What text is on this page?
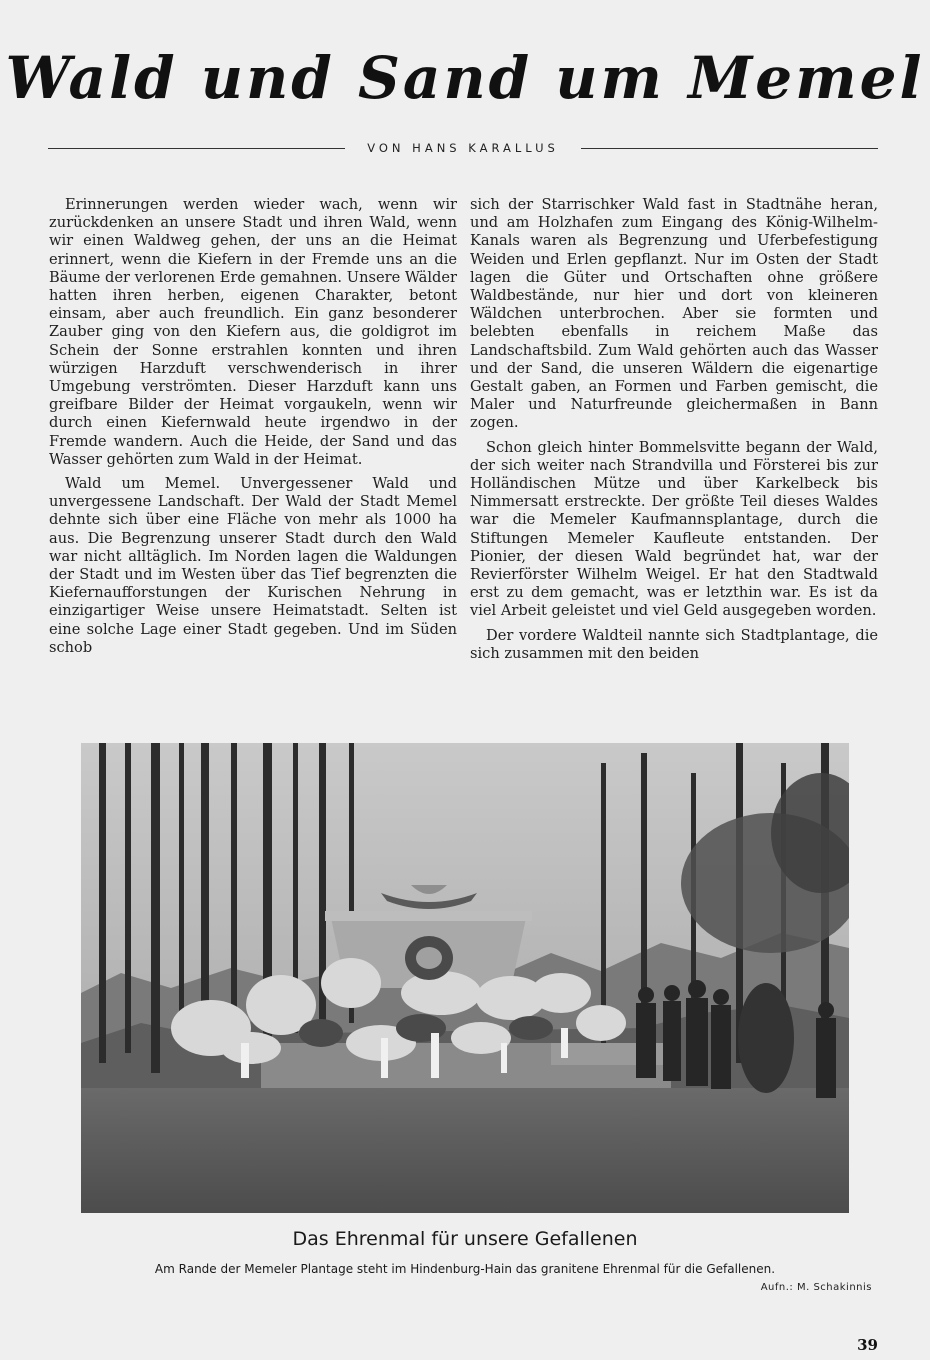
Wald und Sand um Memel
VON HANS KARALLUS

Erinnerungen werden wieder wach, wenn wir zurückdenken an unsere Stadt und ihren Wald, wenn wir einen Waldweg gehen, der uns an die Heimat erinnert, wenn die Kiefern in der Fremde uns an die Bäume der verlorenen Erde gemahnen. Unsere Wälder hatten ihren herben, eigenen Charakter, betont einsam, aber auch freundlich. Ein ganz besonderer Zauber ging von den Kiefern aus, die goldigrot im Schein der Sonne erstrahlen konnten und ihren würzigen Harzduft verschwenderisch in ihrer Umgebung verströmten. Dieser Harzduft kann uns greifbare Bilder der Heimat vorgaukeln, wenn wir durch einen Kiefernwald heute irgendwo in der Fremde wandern. Auch die Heide, der Sand und das Wasser gehörten zum Wald in der Heimat.

Wald um Memel. Unvergessener Wald und unvergessene Landschaft. Der Wald der Stadt Memel dehnte sich über eine Fläche von mehr als 1000 ha aus. Die Begrenzung unserer Stadt durch den Wald war nicht alltäglich. Im Norden lagen die Waldungen der Stadt und im Westen über das Tief begrenzten die Kiefernaufforstungen der Kurischen Nehrung in einzigartiger Weise unsere Heimatstadt. Selten ist eine solche Lage einer Stadt gegeben. Und im Süden schob

sich der Starrischker Wald fast in Stadtnähe heran, und am Holzhafen zum Eingang des König-Wilhelm-Kanals waren als Begrenzung und Uferbefestigung Weiden und Erlen gepflanzt. Nur im Osten der Stadt lagen die Güter und Ortschaften ohne größere Waldbestände, nur hier und dort von kleineren Wäldchen unterbrochen. Aber sie formten und belebten ebenfalls in reichem Maße das Landschaftsbild. Zum Wald gehörten auch das Wasser und der Sand, die unseren Wäldern die eigenartige Gestalt gaben, an Formen und Farben gemischt, die Maler und Naturfreunde gleichermaßen in Bann zogen.

Schon gleich hinter Bommelsvitte begann der Wald, der sich weiter nach Strandvilla und Försterei bis zur Holländischen Mütze und über Karkelbeck bis Nimmersatt erstreckte. Der größte Teil dieses Waldes war die Memeler Kaufmannsplantage, durch die Stiftungen Memeler Kaufleute entstanden. Der Pionier, der diesen Wald begründet hat, war der Revierförster Wilhelm Weigel. Er hat den Stadtwald erst zu dem gemacht, was er letzthin war. Es ist da viel Arbeit geleistet und viel Geld ausgegeben worden.

Der vordere Waldteil nannte sich Stadtplantage, die sich zusammen mit den beiden

Das Ehrenmal für unsere Gefallenen
Am Rande der Memeler Plantage steht im Hindenburg-Hain das granitene Ehrenmal für die Gefallenen.
Aufn.: M. Schakinnis
39
